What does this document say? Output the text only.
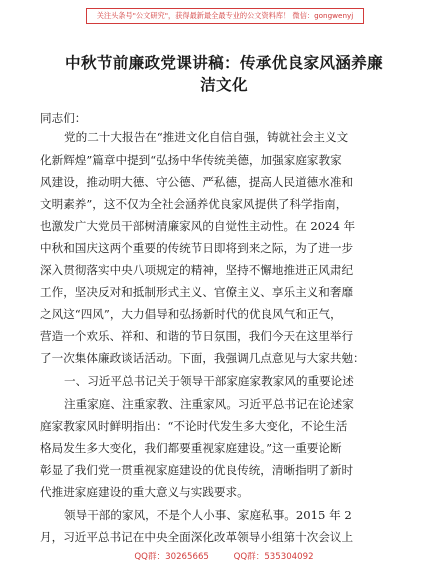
关注头条号"公文研究"，获得最新最全最专业的公文资料库！ 微信：gongwenyj
中秋节前廉政党课讲稿：传承优良家风涵养廉
洁文化
同志们：
党的二十大报告在“推进文化自信自强，铸就社会主义文
化新辉煌”篇章中提到“弘扬中华传统美德，加强家庭家教家
风建设，推动明大德、守公德、严私德，提高人民道德水准和
文明素养”，这不仅为全社会涵养优良家风提供了科学指南，
也激发广大党员干部树清廉家风的自觉性主动性。在 2024 年
中秋和国庆这两个重要的传统节日即将到来之际，为了进一步
深入贯彻落实中央八项规定的精神，坚持不懈地推进正风肃纪
工作，坚决反对和抵制形式主义、官僚主义、享乐主义和奢靡
之风这“四风”，大力倡导和弘扬新时代的优良风气和正气，
营造一个欢乐、祥和、和谐的节日氛围，我们今天在这里举行
了一次集体廉政谈话活动。下面，我强调几点意见与大家共勉：
一、习近平总书记关于领导干部家庭家教家风的重要论述
注重家庭、注重家教、注重家风。习近平总书记在论述家
庭家教家风时鲜明指出：“不论时代发生多大变化，不论生活
格局发生多大变化，我们都要重视家庭建设。”这一重要论断
彰显了我们党一贯重视家庭建设的优良传统，清晰指明了新时
代推进家庭建设的重大意义与实践要求。
领导干部的家风，不是个人小事、家庭私事。2015 年 2
月，习近平总书记在中央全面深化改革领导小组第十次会议上
QQ群：30265665	QQ群：535304092
